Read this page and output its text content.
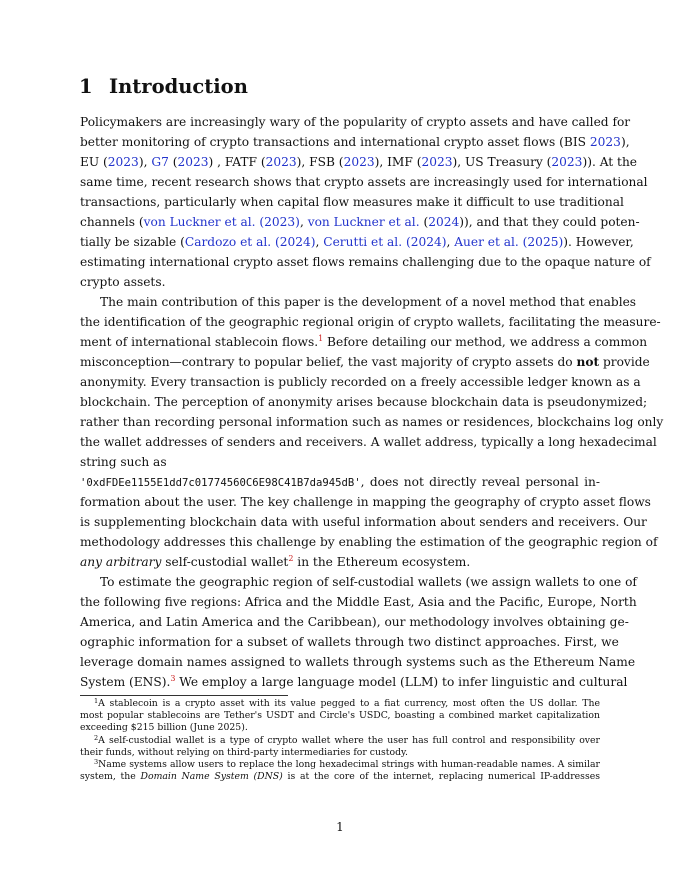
1 Introduction
Policymakers are increasingly wary of the popularity of crypto assets and have called for
better monitoring of crypto transactions and international crypto asset flows (BIS 2023),
EU (2023), G7 (2023) , FATF (2023), FSB (2023), IMF (2023), US Treasury (2023)). At the
same time, recent research shows that crypto assets are increasingly used for international
transactions, particularly when capital flow measures make it difficult to use traditional
channels (von Luckner et al. (2023), von Luckner et al. (2024)), and that they could poten-
tially be sizable (Cardozo et al. (2024), Cerutti et al. (2024), Auer et al. (2025)). However,
estimating international crypto asset flows remains challenging due to the opaque nature of
crypto assets.
The main contribution of this paper is the development of a novel method that enables
the identification of the geographic regional origin of crypto wallets, facilitating the measure-
ment of international stablecoin flows.$^1$ Before detailing our method, we address a common
misconception—contrary to popular belief, the vast majority of crypto assets do not provide
anonymity. Every transaction is publicly recorded on a freely accessible ledger known as a
blockchain. The perception of anonymity arises because blockchain data is pseudonymized;
rather than recording personal information such as names or residences, blockchains log only
the wallet addresses of senders and receivers. A wallet address, typically a long hexadecimal
string such as
'0xdFDEe1155E1dd7c01774560C6E98C41B7da945dB', does not directly reveal personal in-
formation about the user. The key challenge in mapping the geography of crypto asset flows
is supplementing blockchain data with useful information about senders and receivers. Our
methodology addresses this challenge by enabling the estimation of the geographic region of
any arbitrary self-custodial wallet$^2$ in the Ethereum ecosystem.
To estimate the geographic region of self-custodial wallets (we assign wallets to one of
the following five regions: Africa and the Middle East, Asia and the Pacific, Europe, North
America, and Latin America and the Caribbean), our methodology involves obtaining ge-
ographic information for a subset of wallets through two distinct approaches. First, we
leverage domain names assigned to wallets through systems such as the Ethereum Name
System (ENS).$^3$ We employ a large language model (LLM) to infer linguistic and cultural
$^1$A stablecoin is a crypto asset with its value pegged to a fiat currency, most often the US dollar. The
most popular stablecoins are Tether's USDT and Circle's USDC, boasting a combined market capitalization
exceeding $215 billion (June 2025).
$^2$A self-custodial wallet is a type of crypto wallet where the user has full control and responsibility over
their funds, without relying on third-party intermediaries for custody.
$^3$Name systems allow users to replace the long hexadecimal strings with human-readable names. A similar
system, the Domain Name System (DNS) is at the core of the internet, replacing numerical IP-addresses
1
